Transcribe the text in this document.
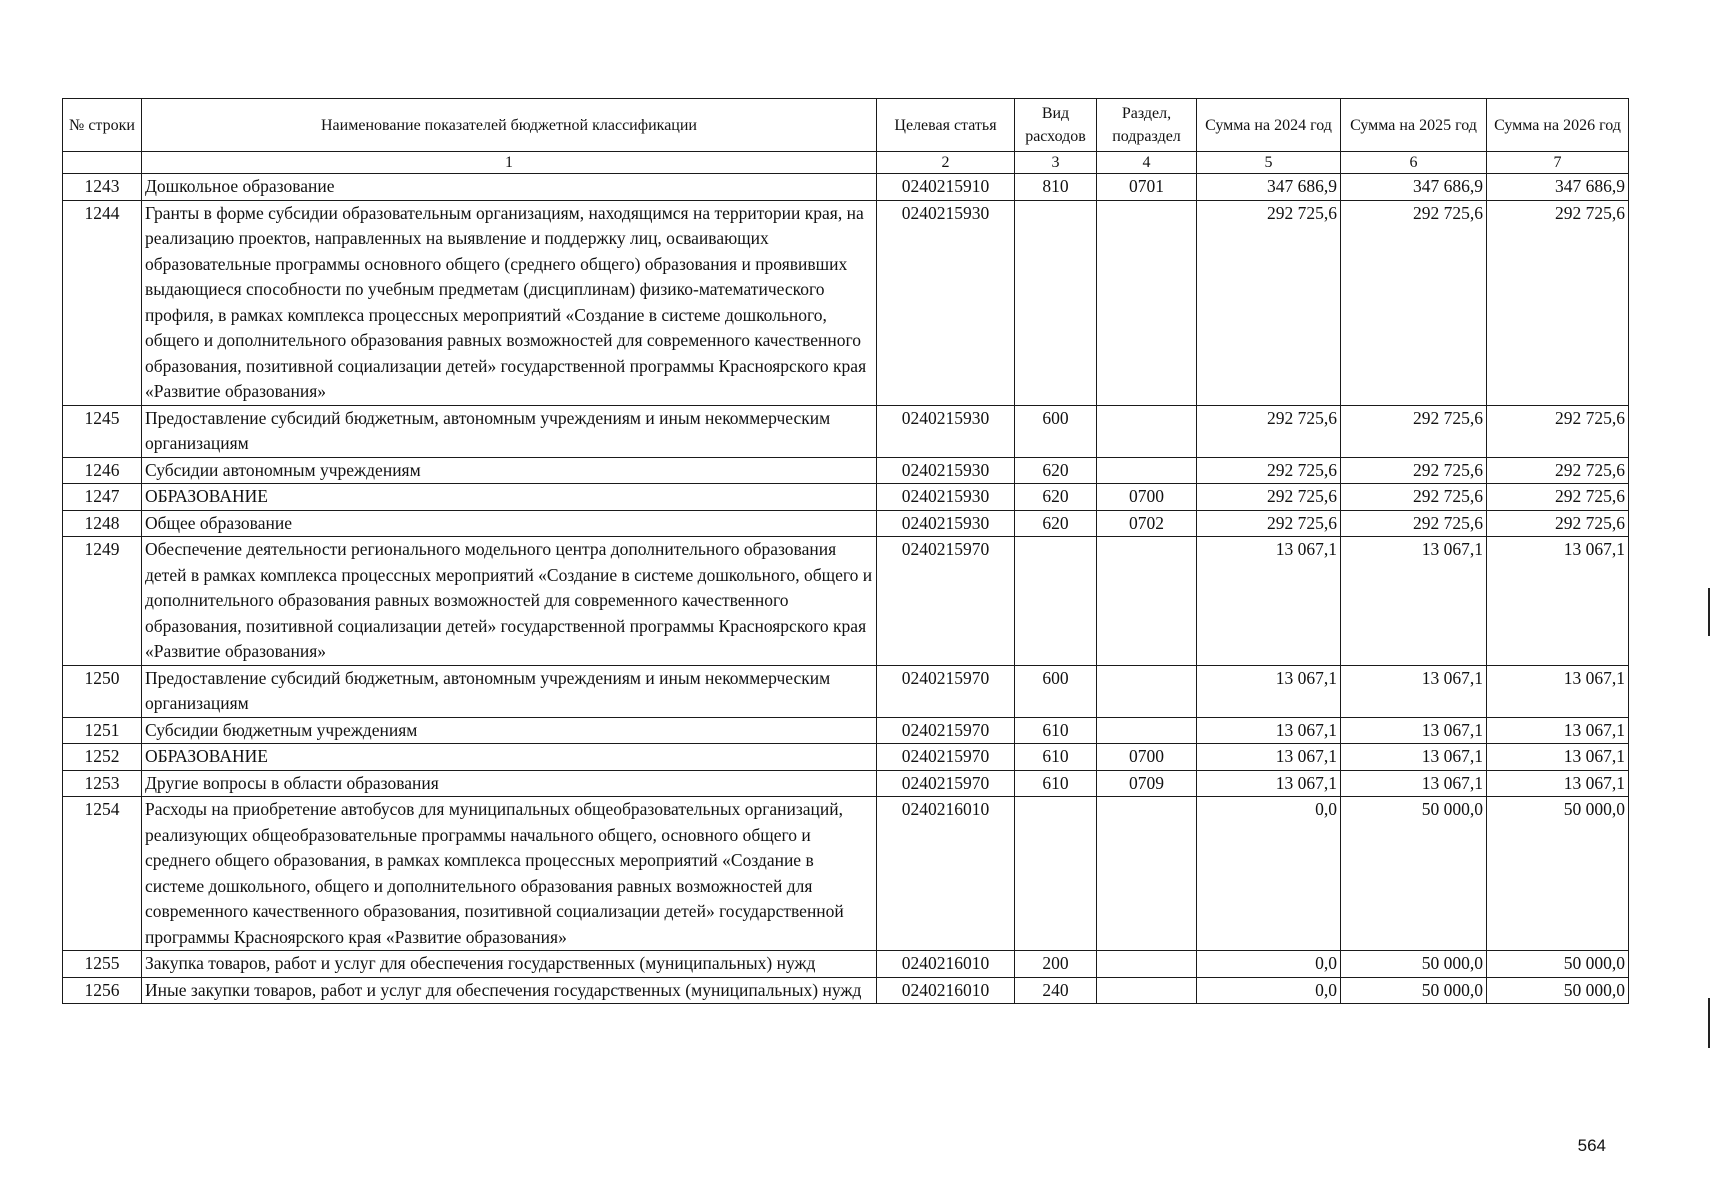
№ строки	Наименование показателей бюджетной классификации	Целевая статья	Вид расходов	Раздел, подраздел	Сумма на 2024 год	Сумма на 2025 год	Сумма на 2026 год
	1	2	3	4	5	6	7
1243	Дошкольное образование	0240215910	810	0701	347 686,9	347 686,9	347 686,9
1244	Гранты в форме субсидии образовательным организациям, находящимся на территории края, на реализацию проектов, направленных на выявление и поддержку лиц, осваивающих образовательные программы основного общего (среднего общего) образования и проявивших выдающиеся способности по учебным предметам (дисциплинам) физико-математического профиля, в рамках комплекса процессных мероприятий «Создание в системе дошкольного, общего и дополнительного образования равных возможностей для современного качественного образования, позитивной социализации детей» государственной программы Красноярского края «Развитие образования»	0240215930			292 725,6	292 725,6	292 725,6
1245	Предоставление субсидий бюджетным, автономным учреждениям и иным некоммерческим организациям	0240215930	600		292 725,6	292 725,6	292 725,6
1246	Субсидии автономным учреждениям	0240215930	620		292 725,6	292 725,6	292 725,6
1247	ОБРАЗОВАНИЕ	0240215930	620	0700	292 725,6	292 725,6	292 725,6
1248	Общее образование	0240215930	620	0702	292 725,6	292 725,6	292 725,6
1249	Обеспечение деятельности регионального модельного центра дополнительного образования детей в рамках комплекса процессных мероприятий «Создание в системе дошкольного, общего и дополнительного образования равных возможностей для современного качественного образования, позитивной социализации детей» государственной программы Красноярского края «Развитие образования»	0240215970			13 067,1	13 067,1	13 067,1
1250	Предоставление субсидий бюджетным, автономным учреждениям и иным некоммерческим организациям	0240215970	600		13 067,1	13 067,1	13 067,1
1251	Субсидии бюджетным учреждениям	0240215970	610		13 067,1	13 067,1	13 067,1
1252	ОБРАЗОВАНИЕ	0240215970	610	0700	13 067,1	13 067,1	13 067,1
1253	Другие вопросы в области образования	0240215970	610	0709	13 067,1	13 067,1	13 067,1
1254	Расходы на приобретение автобусов для муниципальных общеобразовательных организаций, реализующих общеобразовательные программы начального общего, основного общего и среднего общего образования, в рамках комплекса процессных мероприятий «Создание в системе дошкольного, общего и дополнительного образования равных возможностей для современного качественного образования, позитивной социализации детей» государственной программы Красноярского края «Развитие образования»	0240216010			0,0	50 000,0	50 000,0
1255	Закупка товаров, работ и услуг для обеспечения государственных (муниципальных) нужд	0240216010	200		0,0	50 000,0	50 000,0
1256	Иные закупки товаров, работ и услуг для обеспечения государственных (муниципальных) нужд	0240216010	240		0,0	50 000,0	50 000,0
564
